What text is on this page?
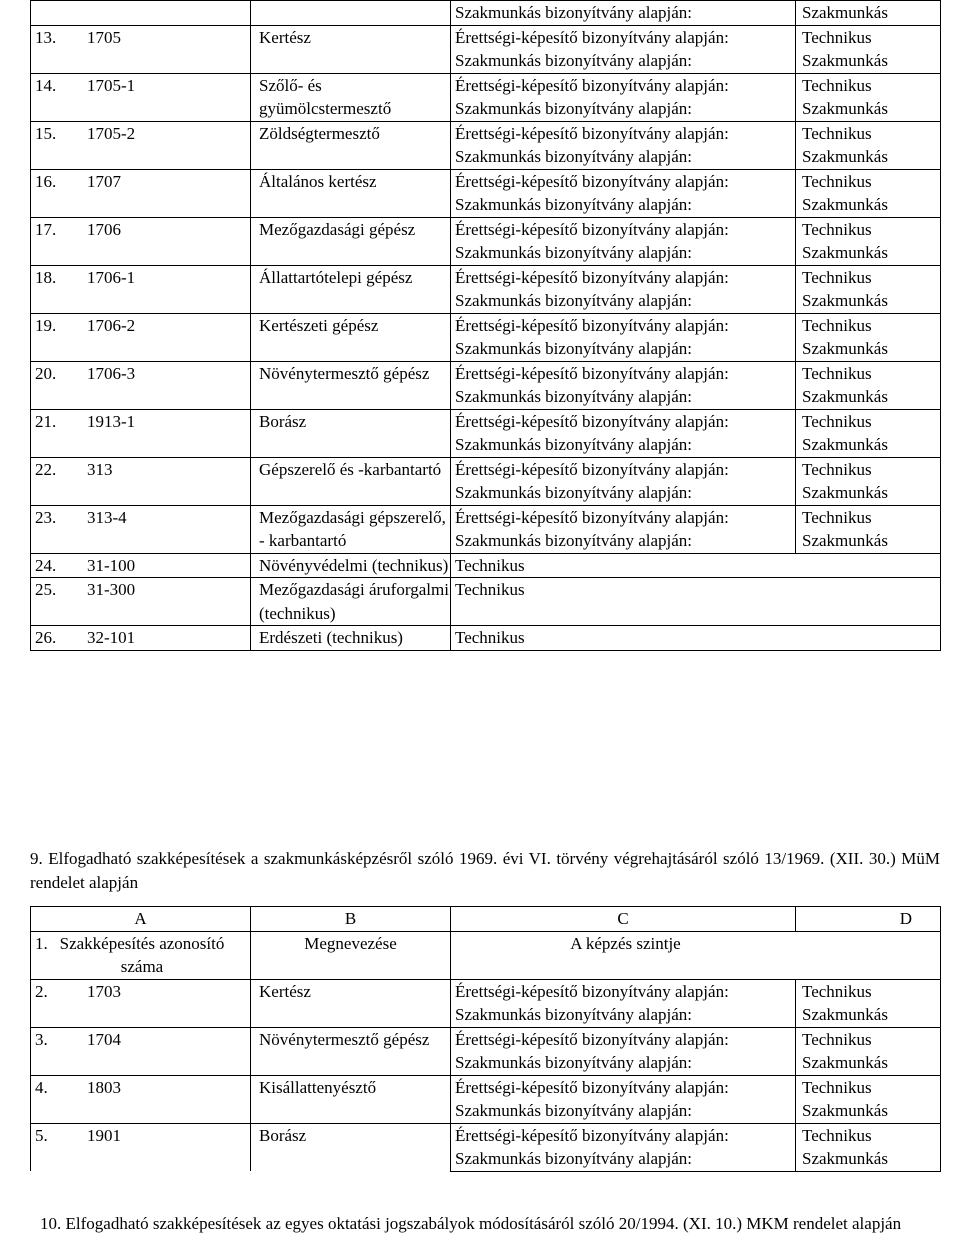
		Szakmunkás bizonyítvány alapján:	Szakmunkás
13. 1705	Kertész	Érettségi-képesítő bizonyítvány alapján:	Technikus
		Szakmunkás bizonyítvány alapján:	Szakmunkás
14. 1705-1	Szőlő- és gyümölcstermesztő	Érettségi-képesítő bizonyítvány alapján:	Technikus

		Szakmunkás bizonyítvány alapján:	Szakmunkás
15. 1705-2	Zöldségtermesztő	Érettségi-képesítő bizonyítvány alapján:	Technikus
		Szakmunkás bizonyítvány alapján:	Szakmunkás
16. 1707	Általános kertész	Érettségi-képesítő bizonyítvány alapján:	Technikus
		Szakmunkás bizonyítvány alapján:	Szakmunkás
17. 1706	Mezőgazdasági gépész	Érettségi-képesítő bizonyítvány alapján:	Technikus

		Szakmunkás bizonyítvány alapján:	Szakmunkás
18. 1706-1	Állattartótelepi gépész	Érettségi-képesítő bizonyítvány alapján:	Technikus
		Szakmunkás bizonyítvány alapján:	Szakmunkás
19. 1706-2	Kertészeti gépész	Érettségi-képesítő bizonyítvány alapján:	Technikus
		Szakmunkás bizonyítvány alapján:	Szakmunkás
20. 1706-3	Növénytermesztő gépész	Érettségi-képesítő bizonyítvány alapján:	Technikus

		Szakmunkás bizonyítvány alapján:	Szakmunkás
21. 1913-1	Borász	Érettségi-képesítő bizonyítvány alapján:	Technikus
		Szakmunkás bizonyítvány alapján:	Szakmunkás
22. 313	Gépszerelő és -karbantartó	Érettségi-képesítő bizonyítvány alapján:	Technikus

		Szakmunkás bizonyítvány alapján:	Szakmunkás
23. 313-4	Mezőgazdasági gépszerelő, - karbantartó	Érettségi-képesítő bizonyítvány alapján:	Technikus

		Szakmunkás bizonyítvány alapján:	Szakmunkás
24. 31-100	Növényvédelmi (technikus)	Technikus	

25. 31-300	Mezőgazdasági áruforgalmi (technikus)	Technikus	

26. 32-101	Erdészeti (technikus)	Technikus	
9. Elfogadható szakképesítések a szakmunkásképzésről szóló 1969. évi VI. törvény végrehajtásáról szóló 13/1969. (XII. 30.) MüM rendelet alapján
A	B	C	D
1. Szakképesítés azonosító száma	Megnevezése	A képzés szintje	
2. 1703	Kertész	Érettségi-képesítő bizonyítvány alapján:	Technikus
		Szakmunkás bizonyítvány alapján:	Szakmunkás
3. 1704	Növénytermesztő gépész	Érettségi-képesítő bizonyítvány alapján:	Technikus

		Szakmunkás bizonyítvány alapján:	Szakmunkás
4. 1803	Kisállattenyésztő	Érettségi-képesítő bizonyítvány alapján:	Technikus
		Szakmunkás bizonyítvány alapján:	Szakmunkás
5. 1901	Borász	Érettségi-képesítő bizonyítvány alapján:	Technikus
		Szakmunkás bizonyítvány alapján:	Szakmunkás
10. Elfogadható szakképesítések az egyes oktatási jogszabályok módosításáról szóló 20/1994. (XI. 10.) MKM rendelet alapján
